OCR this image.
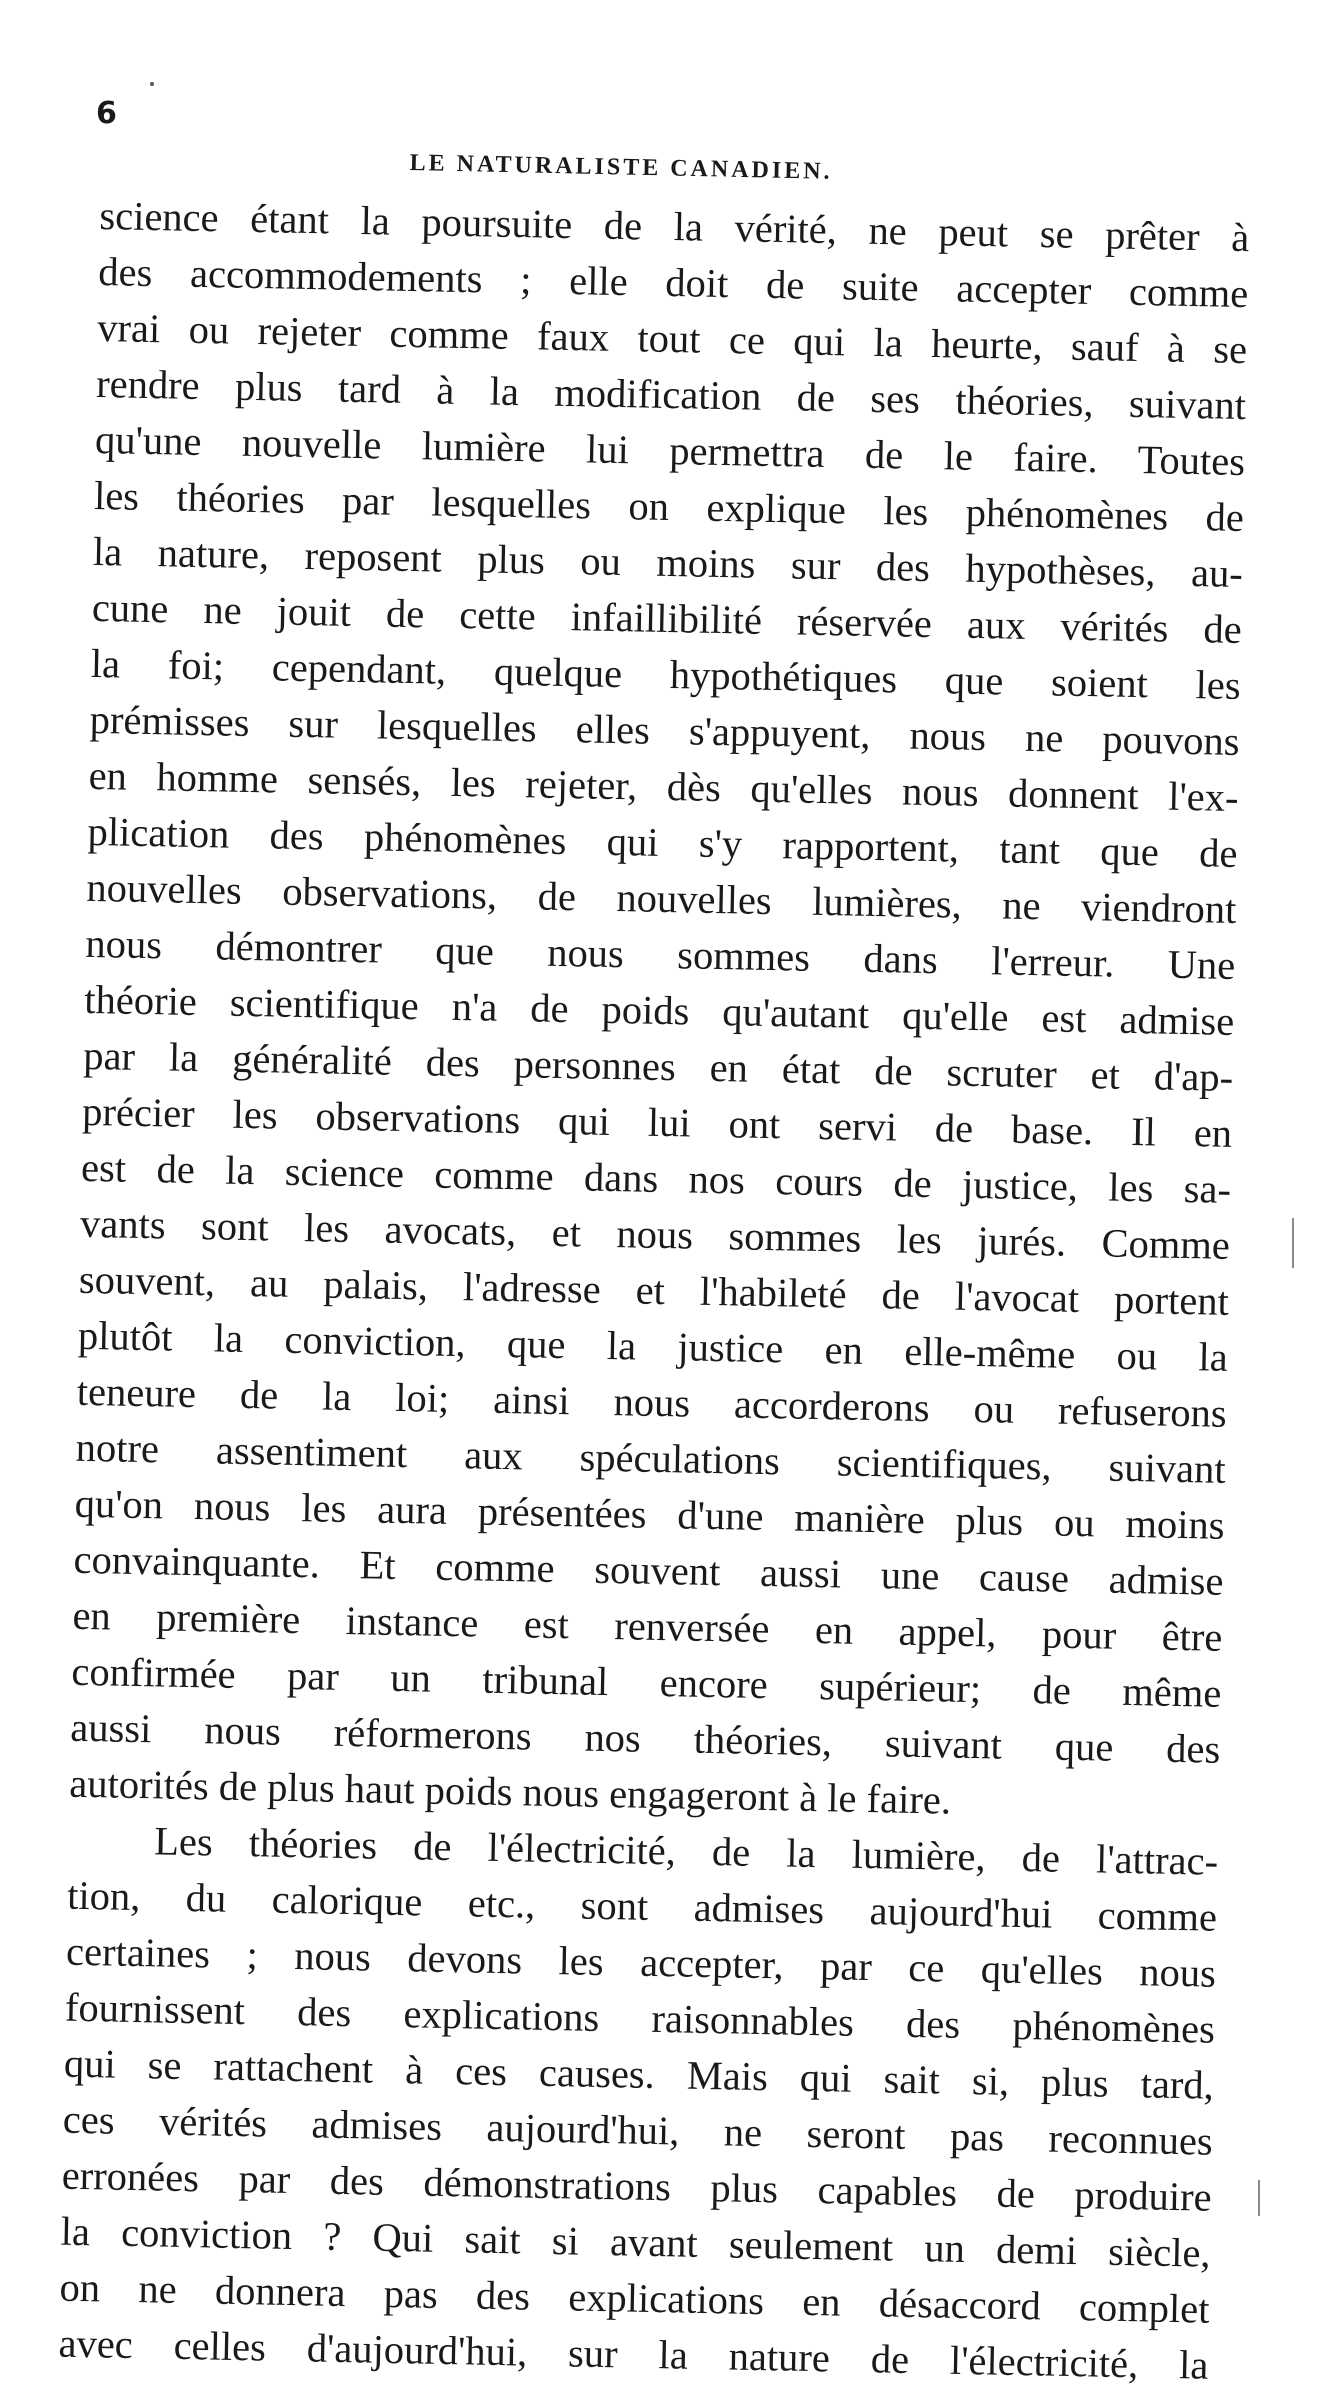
6
LE NATURALISTE CANADIEN.
science étant la poursuite de la vérité, ne peut se prêter à
des accommodements ; elle doit de suite accepter comme
vrai ou rejeter comme faux tout ce qui la heurte, sauf à se
rendre plus tard à la modification de ses théories, suivant
qu'une nouvelle lumière lui permettra de le faire. Toutes
les théories par lesquelles on explique les phénomènes de
la nature, reposent plus ou moins sur des hypothèses, au-
cune ne jouit de cette infaillibilité réservée aux vérités de
la foi; cependant, quelque hypothétiques que soient les
prémisses sur lesquelles elles s'appuyent, nous ne pouvons
en homme sensés, les rejeter, dès qu'elles nous donnent l'ex-
plication des phénomènes qui s'y rapportent, tant que de
nouvelles observations, de nouvelles lumières, ne viendront
nous démontrer que nous sommes dans l'erreur. Une
théorie scientifique n'a de poids qu'autant qu'elle est admise
par la généralité des personnes en état de scruter et d'ap-
précier les observations qui lui ont servi de base. Il en
est de la science comme dans nos cours de justice, les sa-
vants sont les avocats, et nous sommes les jurés. Comme
souvent, au palais, l'adresse et l'habileté de l'avocat portent
plutôt la conviction, que la justice en elle-même ou la
teneure de la loi; ainsi nous accorderons ou refuserons
notre assentiment aux spéculations scientifiques, suivant
qu'on nous les aura présentées d'une manière plus ou moins
convainquante. Et comme souvent aussi une cause admise
en première instance est renversée en appel, pour être
confirmée par un tribunal encore supérieur; de même
aussi nous réformerons nos théories, suivant que des
autorités de plus haut poids nous engageront à le faire.
Les théories de l'électricité, de la lumière, de l'attrac-
tion, du calorique etc., sont admises aujourd'hui comme
certaines ; nous devons les accepter, par ce qu'elles nous
fournissent des explications raisonnables des phénomènes
qui se rattachent à ces causes. Mais qui sait si, plus tard,
ces vérités admises aujourd'hui, ne seront pas reconnues
erronées par des démonstrations plus capables de produire
la conviction ? Qui sait si avant seulement un demi siècle,
on ne donnera pas des explications en désaccord complet
avec celles d'aujourd'hui, sur la nature de l'électricité, la
